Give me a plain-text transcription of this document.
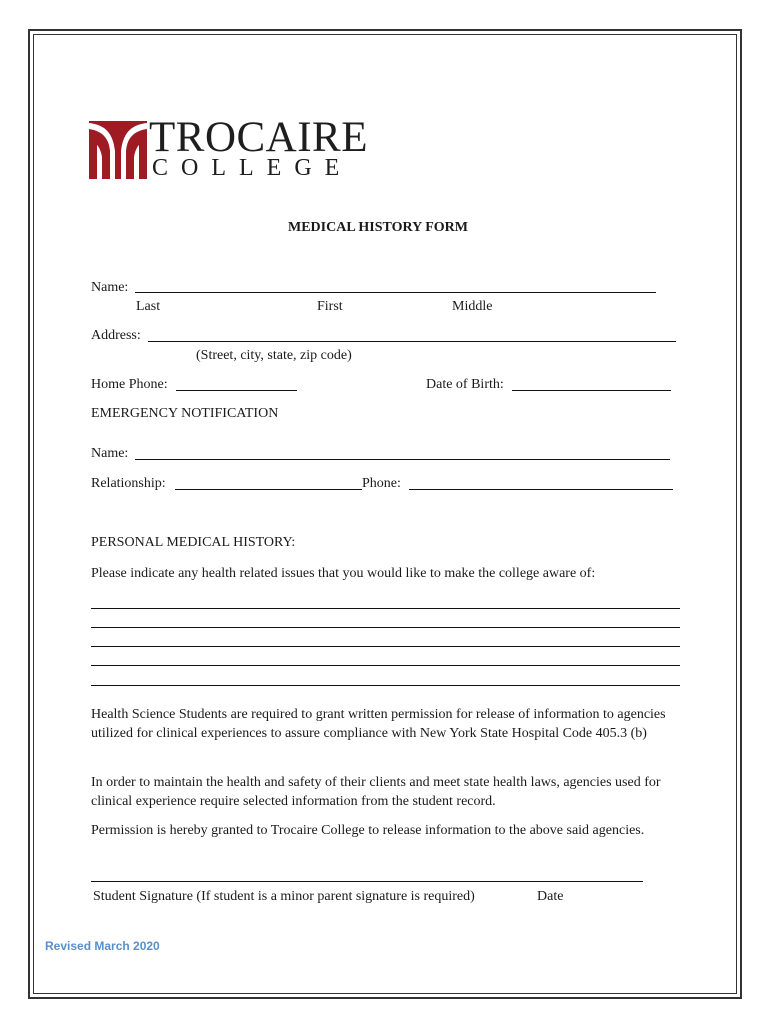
TROCAIRE
COLLEGE
MEDICAL HISTORY FORM
Name:
Last	First	Middle
Address:
(Street, city, state, zip code)
Home Phone:	Date of Birth:
EMERGENCY NOTIFICATION
Name:
Relationship:	Phone:
PERSONAL MEDICAL HISTORY:
Please indicate any health related issues that you would like to make the college aware of:
Health Science Students are required to grant written permission for release of information to agencies utilized for clinical experiences to assure compliance with New York State Hospital Code 405.3 (b)
In order to maintain the health and safety of their clients and meet state health laws, agencies used for clinical experience require selected information from the student record.
Permission is hereby granted to Trocaire College to release information to the above said agencies.
Student Signature (If student is a minor parent signature is required)	Date
Revised March 2020
